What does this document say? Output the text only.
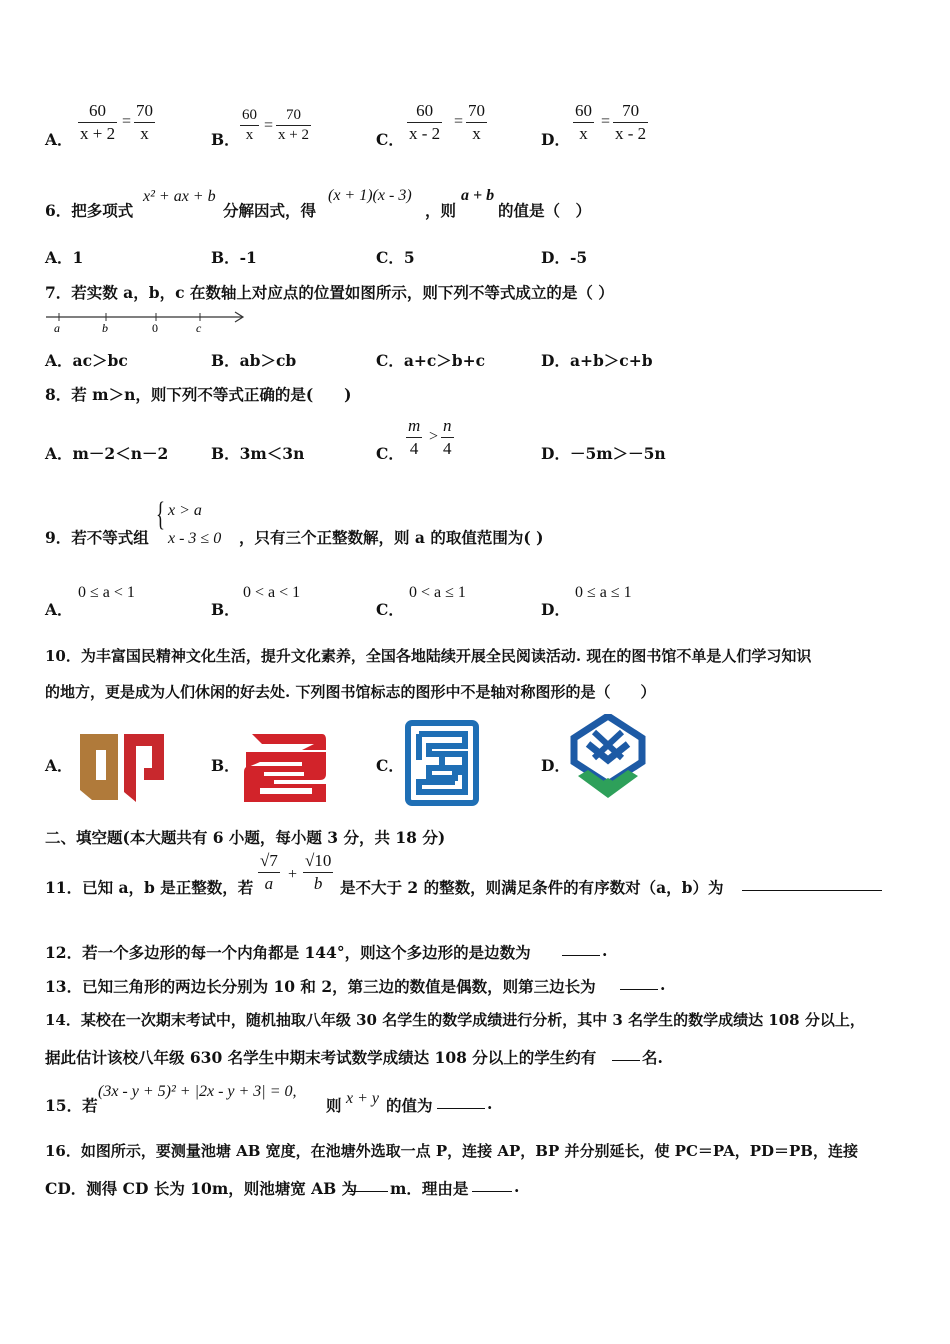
A．
60
x + 2
=
70
x	B．
60
x
=
70
x + 2	C．
60
x - 2
=
70
x	D．
60
x
=
70
x - 2
6．把多项式
x² + ax + b
分解因式，得
(x + 1)(x - 3)
，则
a + b
的值是（　）
A．1	B．-1	C．5	D．-5
7．若实数 a，b，c 在数轴上对应点的位置如图所示，则下列不等式成立的是（ ）
a	b	0	c
A．ac＞bc	B．ab＞cb	C．a+c＞b+c	D．a+b＞c+b
8．若 m＞n，则下列不等式正确的是(　　)
A．m－2＜n－2	B．3m＜3n	C．
m
4
>
n
4	D．－5m＞－5n
9．若不等式组
{ x > a
x - 3 ≤ 0 ，只有三个正整数解，则 a 的取值范围为( )
A．
0 ≤ a < 1
B．
0 < a < 1
C．
0 < a ≤ 1
D．
0 ≤ a ≤ 1
10．为丰富国民精神文化生活，提升文化素养，全国各地陆续开展全民阅读活动. 现在的图书馆不单是人们学习知识
的地方，更是成为人们休闲的好去处. 下列图书馆标志的图形中不是轴对称图形的是（　　）
A．	B．	C．	D．
二、填空题(本大题共有 6 小题，每小题 3 分，共 18 分)
11．已知 a，b 是正整数，若
√7
a +
√10
b	是不大于 2 的整数，则满足条件的有序数对（a，b）为
12．若一个多边形的每一个内角都是 144°，则这个多边形的是边数为	.
13．已知三角形的两边长分别为 10 和 2，第三边的数值是偶数，则第三边长为	.
14．某校在一次期末考试中，随机抽取八年级 30 名学生的数学成绩进行分析，其中 3 名学生的数学成绩达 108 分以上，
据此估计该校八年级 630 名学生中期末考试数学成绩达 108 分以上的学生约有	名.
15．若
(3x - y + 5)² + |2x - y + 3| = 0,
则 x + y 的值为	.
16．如图所示，要测量池塘 AB 宽度，在池塘外选取一点 P，连接 AP，BP 并分别延长，使 PC＝PA，PD＝PB，连接
CD．测得 CD 长为 10m，则池塘宽 AB 为 m．理由是	.
